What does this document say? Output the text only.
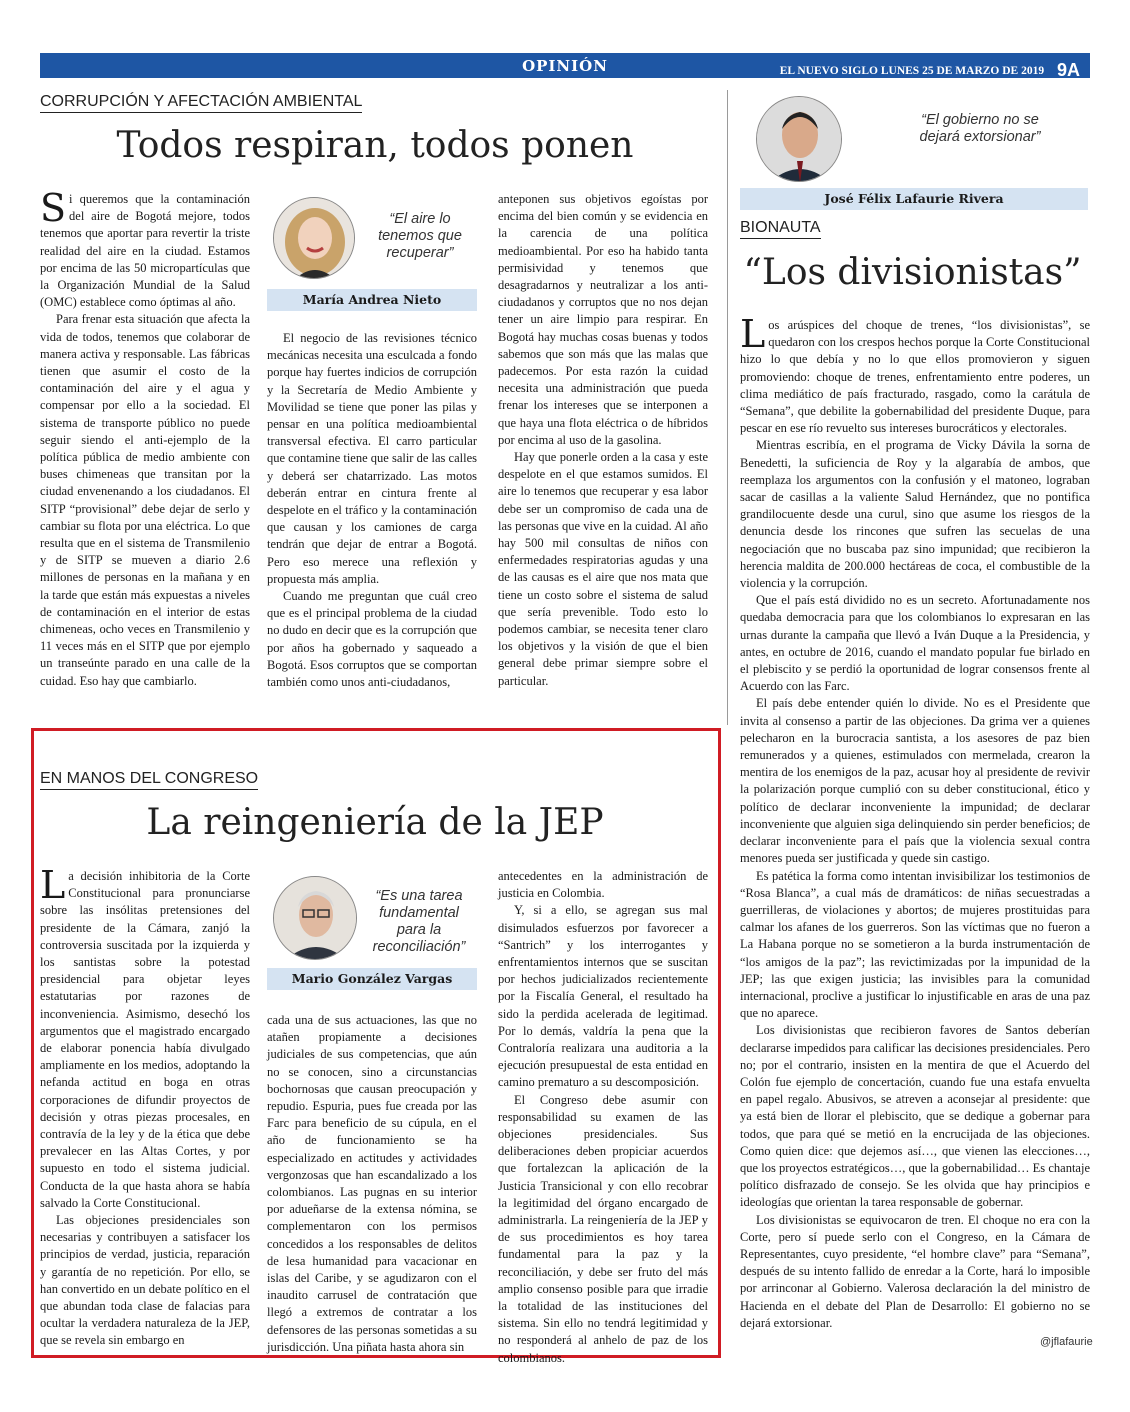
OPINIÓN	EL NUEVO SIGLO LUNES 25 DE MARZO DE 2019 9A
CORRUPCIÓN Y AFECTACIÓN AMBIENTAL
Todos respiran, todos ponen

Si queremos que la contaminación del aire de Bogotá mejore, todos tenemos que aportar para revertir la triste realidad del aire en la ciudad. Estamos por encima de las 50 micropartículas que la Organización Mundial de la Salud (OMC) establece como óptimas al año.

Para frenar esta situación que afecta la vida de todos, tenemos que colaborar de manera activa y responsable. Las fábricas tienen que asumir el costo de la contaminación del aire y el agua y compensar por ello a la sociedad. El sistema de transporte público no puede seguir siendo el anti-ejemplo de la política pública de medio ambiente con buses chimeneas que transitan por la ciudad envenenando a los ciudadanos. El SITP “provisional” debe dejar de serlo y cambiar su flota por una eléctrica. Lo que resulta que en el sistema de Transmilenio y de SITP se mueven a diario 2.6 millones de personas en la mañana y en la tarde que están más expuestas a niveles de contaminación en el interior de estas chimeneas, ocho veces en Transmilenio y 11 veces más en el SITP que por ejemplo un transeúnte parado en una calle de la cuidad. Eso hay que cambiarlo.

“El aire lo tenemos que recuperar”
María Andrea Nieto

El negocio de las revisiones técnico mecánicas necesita una esculcada a fondo porque hay fuertes indicios de corrupción y la Secretaría de Medio Ambiente y Movilidad se tiene que poner las pilas y pensar en una política medioambiental transversal efectiva. El carro particular que contamine tiene que salir de las calles y deberá ser chatarrizado. Las motos deberán entrar en cintura frente al despelote en el tráfico y la contaminación que causan y los camiones de carga tendrán que dejar de entrar a Bogotá. Pero eso merece una reflexión y propuesta más amplia.

Cuando me preguntan que cuál creo que es el principal problema de la ciudad no dudo en decir que es la corrupción que por años ha gobernado y saqueado a Bogotá. Esos corruptos que se comportan también como unos anti-ciudadanos,

anteponen sus objetivos egoístas por encima del bien común y se evidencia en la carencia de una política medioambiental. Por eso ha habido tanta permisividad y tenemos que desagradarnos y neutralizar a los anti-ciudadanos y corruptos que no nos dejan tener un aire limpio para respirar. En Bogotá hay muchas cosas buenas y todos sabemos que son más que las malas que padecemos. Por esta razón la cuidad necesita una administración que pueda frenar los intereses que se interponen a que haya una flota eléctrica o de híbridos por encima al uso de la gasolina.

Hay que ponerle orden a la casa y este despelote en el que estamos sumidos. El aire lo tenemos que recuperar y esa labor debe ser un compromiso de cada una de las personas que vive en la cuidad. Al año hay 500 mil consultas de niños con enfermedades respiratorias agudas y una de las causas es el aire que nos mata que tiene un costo sobre el sistema de salud que sería prevenible. Todo esto lo podemos cambiar, se necesita tener claro los objetivos y la visión de que el bien general debe primar siempre sobre el particular.

“El gobierno no se dejará extorsionar”
José Félix Lafaurie Rivera
BIONAUTA
“Los divisionistas”

Los arúspices del choque de trenes, “los divisionistas”, se quedaron con los crespos hechos porque la Corte Constitucional hizo lo que debía y no lo que ellos promovieron y siguen promoviendo: choque de trenes, enfrentamiento entre poderes, un clima mediático de país fracturado, rasgado, como la carátula de “Semana”, que debilite la gobernabilidad del presidente Duque, para pescar en ese río revuelto sus intereses burocráticos y electorales.

Mientras escribía, en el programa de Vicky Dávila la sorna de Benedetti, la suficiencia de Roy y la algarabía de ambos, que reemplaza los argumentos con la confusión y el matoneo, lograban sacar de casillas a la valiente Salud Hernández, que no pontifica grandilocuente desde una curul, sino que asume los riesgos de la denuncia desde los rincones que sufren las secuelas de una negociación que no buscaba paz sino impunidad; que recibieron la herencia maldita de 200.000 hectáreas de coca, el combustible de la violencia y la corrupción.

Que el país está dividido no es un secreto. Afortunadamente nos quedaba democracia para que los colombianos lo expresaran en las urnas durante la campaña que llevó a Iván Duque a la Presidencia, y antes, en octubre de 2016, cuando el mandato popular fue birlado en el plebiscito y se perdió la oportunidad de lograr consensos frente al Acuerdo con las Farc.

El país debe entender quién lo divide. No es el Presidente que invita al consenso a partir de las objeciones. Da grima ver a quienes pelecharon en la burocracia santista, a los asesores de paz bien remunerados y a quienes, estimulados con mermelada, crearon la mentira de los enemigos de la paz, acusar hoy al presidente de revivir la polarización porque cumplió con su deber constitucional, ético y político de declarar inconveniente la impunidad; de declarar inconveniente que alguien siga delinquiendo sin perder beneficios; de declarar inconveniente para el país que la violencia sexual contra menores pueda ser justificada y quede sin castigo.

Es patética la forma como intentan invisibilizar los testimonios de “Rosa Blanca”, a cual más de dramáticos: de niñas secuestradas a guerrilleras, de violaciones y abortos; de mujeres prostituidas para calmar los afanes de los guerreros. Son las víctimas que no fueron a La Habana porque no se sometieron a la burda instrumentación de “los amigos de la paz”; las revictimizadas por la impunidad de la JEP; las que exigen justicia; las invisibles para la comunidad internacional, proclive a justificar lo injustificable en aras de una paz que no aparece.

Los divisionistas que recibieron favores de Santos deberían declararse impedidos para calificar las decisiones presidenciales. Pero no; por el contrario, insisten en la mentira de que el Acuerdo del Colón fue ejemplo de concertación, cuando fue una estafa envuelta en papel regalo. Abusivos, se atreven a aconsejar al presidente: que ya está bien de llorar el plebiscito, que se dedique a gobernar para todos, que para qué se metió en la encrucijada de las objeciones. Como quien dice: que dejemos así…, que vienen las elecciones…, que los proyectos estratégicos…, que la gobernabilidad… Es chantaje político disfrazado de consejo. Se les olvida que hay principios e ideologías que orientan la tarea responsable de gobernar.

Los divisionistas se equivocaron de tren. El choque no era con la Corte, pero sí puede serlo con el Congreso, en la Cámara de Representantes, cuyo presidente, “el hombre clave” para “Semana”, después de su intento fallido de enredar a la Corte, hará lo imposible por arrinconar al Gobierno. Valerosa declaración la del ministro de Hacienda en el debate del Plan de Desarrollo: El gobierno no se dejará extorsionar.

@jflafaurie
EN MANOS DEL CONGRESO
La reingeniería de la JEP

La decisión inhibitoria de la Corte Constitucional para pronunciarse sobre las insólitas pretensiones del presidente de la Cámara, zanjó la controversia suscitada por la izquierda y los santistas sobre la potestad presidencial para objetar leyes estatutarias por razones de inconveniencia. Asimismo, desechó los argumentos que el magistrado encargado de elaborar ponencia había divulgado ampliamente en los medios, adoptando la nefanda actitud en boga en otras corporaciones de difundir proyectos de decisión y otras piezas procesales, en contravía de la ley y de la ética que debe prevalecer en las Altas Cortes, y por supuesto en todo el sistema judicial. Conducta de la que hasta ahora se había salvado la Corte Constitucional.

Las objeciones presidenciales son necesarias y contribuyen a satisfacer los principios de verdad, justicia, reparación y garantía de no repetición. Por ello, se han convertido en un debate político en el que abundan toda clase de falacias para ocultar la verdadera naturaleza de la JEP, que se revela sin embargo en

“Es una tarea fundamental para la reconciliación”
Mario González Vargas

cada una de sus actuaciones, las que no atañen propiamente a decisiones judiciales de sus competencias, que aún no se conocen, sino a circunstancias bochornosas que causan preocupación y repudio. Espuria, pues fue creada por las Farc para beneficio de su cúpula, en el año de funcionamiento se ha especializado en actitudes y actividades vergonzosas que han escandalizado a los colombianos. Las pugnas en su interior por adueñarse de la extensa nómina, se complementaron con los permisos concedidos a los responsables de delitos de lesa humanidad para vacacionar en islas del Caribe, y se agudizaron con el inaudito carrusel de contratación que llegó a extremos de contratar a los defensores de las personas sometidas a su jurisdicción. Una piñata hasta ahora sin

antecedentes en la administración de justicia en Colombia.

Y, si a ello, se agregan sus mal disimulados esfuerzos por favorecer a “Santrich” y los interrogantes y enfrentamientos internos que se suscitan por hechos judicializados recientemente por la Fiscalía General, el resultado ha sido la perdida acelerada de legitimad. Por lo demás, valdría la pena que la Contraloría realizara una auditoria a la ejecución presupuestal de esta entidad en camino prematuro a su descomposición.

El Congreso debe asumir con responsabilidad su examen de las objeciones presidenciales. Sus deliberaciones deben propiciar acuerdos que fortalezcan la aplicación de la Justicia Transicional y con ello recobrar la legitimidad del órgano encargado de administrarla. La reingeniería de la JEP y de sus procedimientos es hoy tarea fundamental para la paz y la reconciliación, y debe ser fruto del más amplio consenso posible para que irradie la totalidad de las instituciones del sistema. Sin ello no tendrá legitimidad y no responderá al anhelo de paz de los colombianos.
